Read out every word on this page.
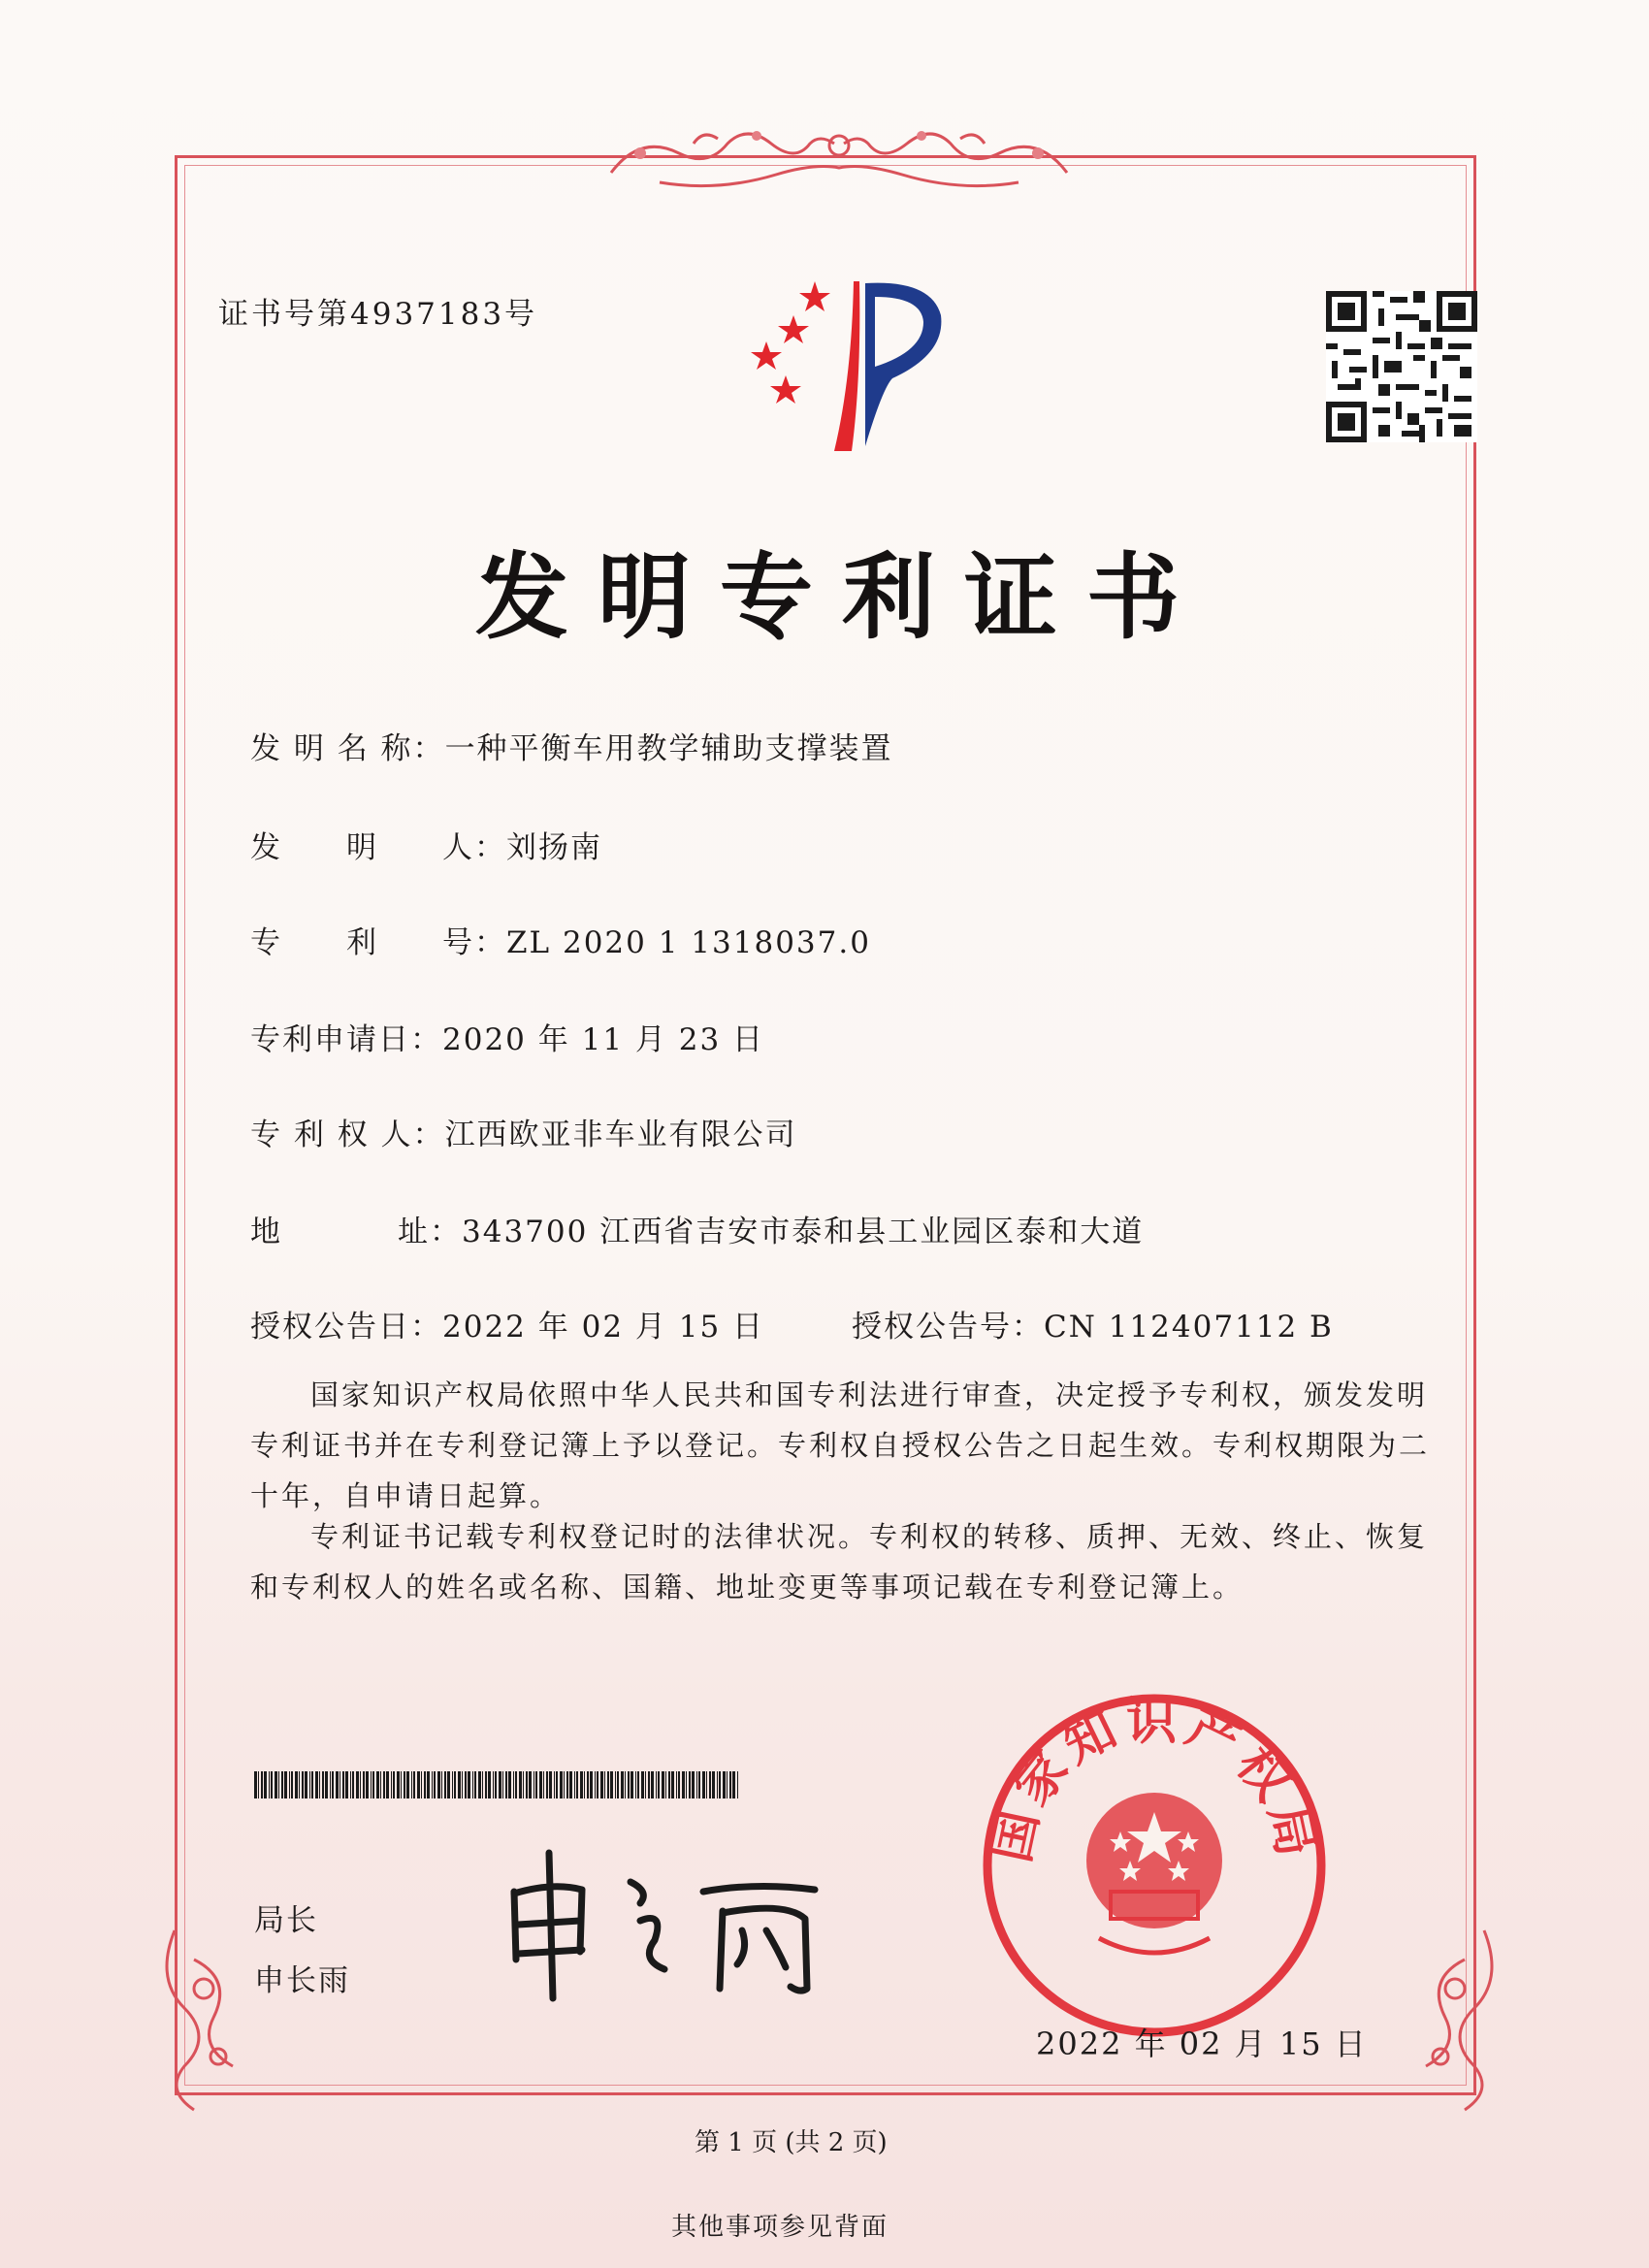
证书号第4937183号
发明专利证书
发 明 名 称：一种平衡车用教学辅助支撑装置
发　　明　　人：刘扬南
专　　利　　号：ZL 2020 1 1318037.0
专利申请日：2020 年 11 月 23 日
专 利 权 人：江西欧亚非车业有限公司
地	址：343700 江西省吉安市泰和县工业园区泰和大道
授权公告日：2022 年 02 月 15 日	授权公告号：CN 112407112 B
国家知识产权局依照中华人民共和国专利法进行审查，决定授予专利权，颁发发明专利证书并在专利登记簿上予以登记。专利权自授权公告之日起生效。专利权期限为二十年，自申请日起算。
专利证书记载专利权登记时的法律状况。专利权的转移、质押、无效、终止、恢复和专利权人的姓名或名称、国籍、地址变更等事项记载在专利登记簿上。
局长
申长雨
国家知识产权局
2022 年 02 月 15 日
第 1 页 (共 2 页)
其他事项参见背面
